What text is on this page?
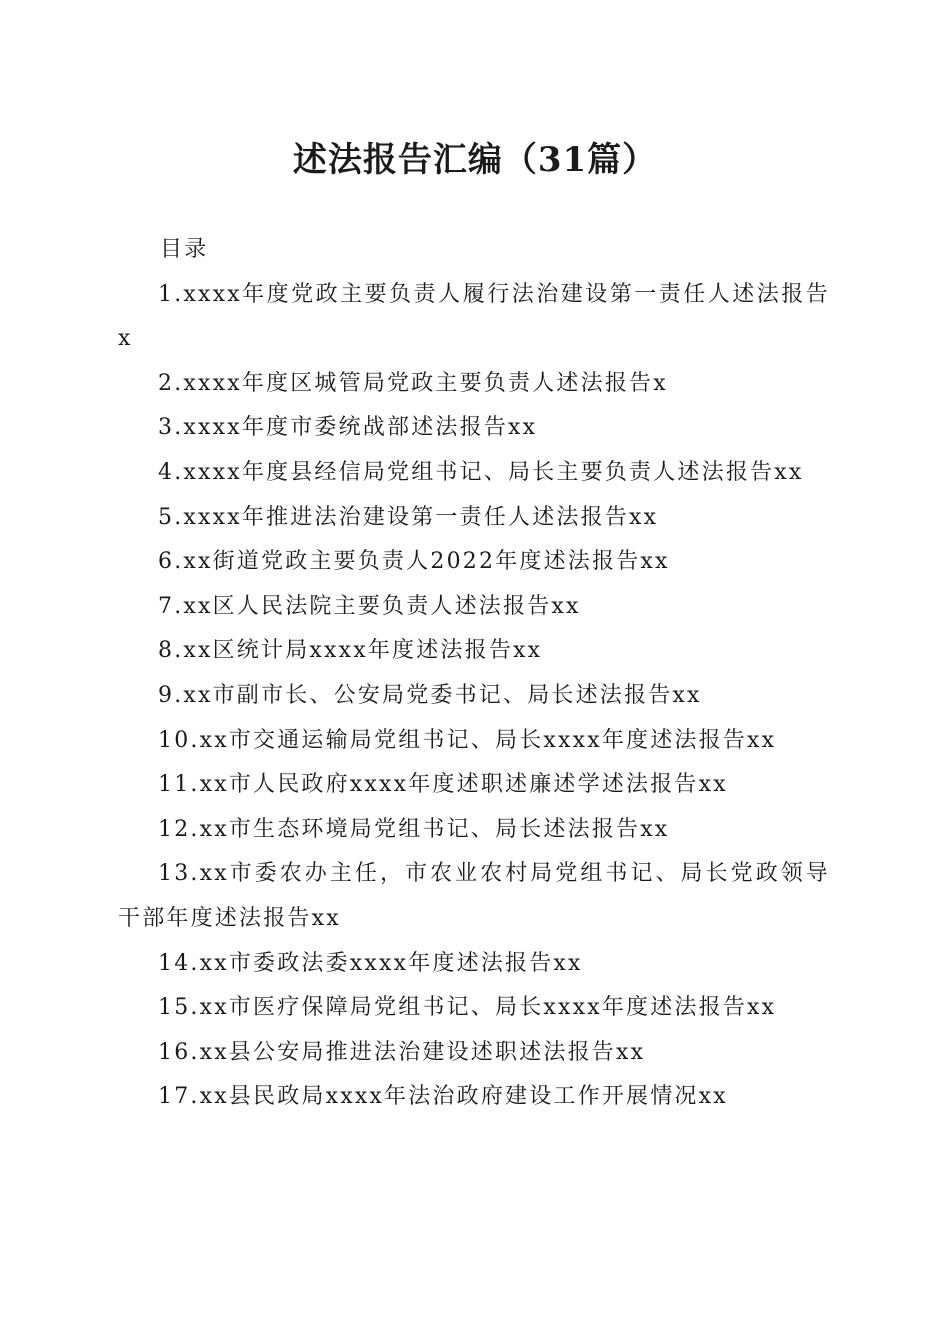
述法报告汇编（31篇）
目录
1.xxxx年度党政主要负责人履行法治建设第一责任人述法报告x
2.xxxx年度区城管局党政主要负责人述法报告x
3.xxxx年度市委统战部述法报告xx
4.xxxx年度县经信局党组书记、局长主要负责人述法报告xx
5.xxxx年推进法治建设第一责任人述法报告xx
6.xx街道党政主要负责人2022年度述法报告xx
7.xx区人民法院主要负责人述法报告xx
8.xx区统计局xxxx年度述法报告xx
9.xx市副市长、公安局党委书记、局长述法报告xx
10.xx市交通运输局党组书记、局长xxxx年度述法报告xx
11.xx市人民政府xxxx年度述职述廉述学述法报告xx
12.xx市生态环境局党组书记、局长述法报告xx
13.xx市委农办主任，市农业农村局党组书记、局长党政领导干部年度述法报告xx
14.xx市委政法委xxxx年度述法报告xx
15.xx市医疗保障局党组书记、局长xxxx年度述法报告xx
16.xx县公安局推进法治建设述职述法报告xx
17.xx县民政局xxxx年法治政府建设工作开展情况xx
